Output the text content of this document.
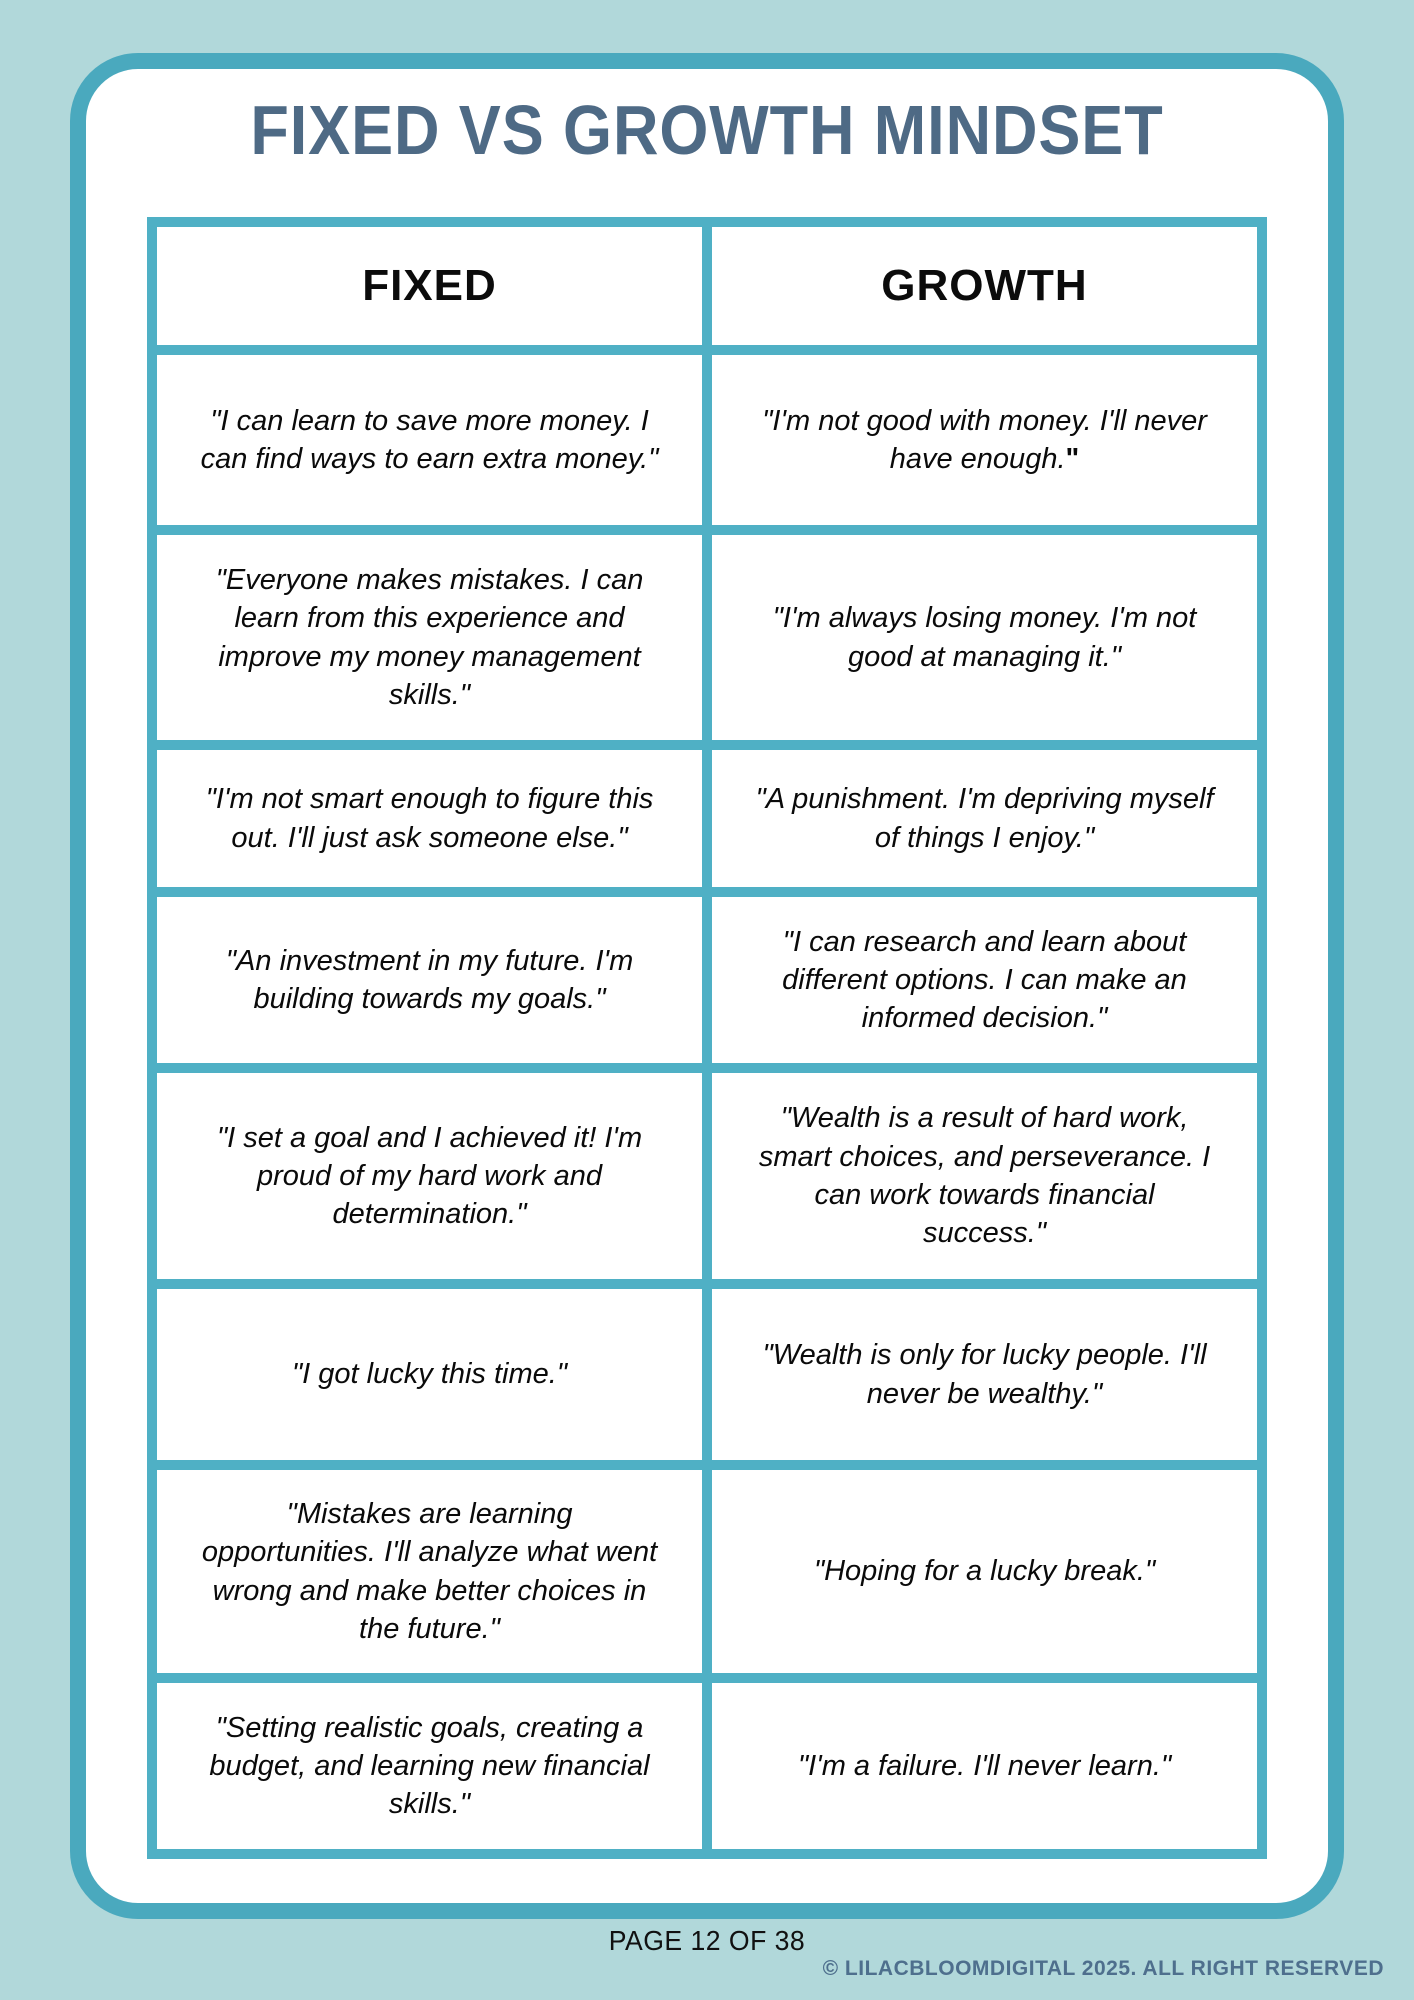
FIXED VS GROWTH MINDSET
FIXED	GROWTH
"I can learn to save more money. I can find ways to earn extra money."	"I'm not good with money. I'll never have enough."
"Everyone makes mistakes. I can learn from this experience and improve my money management skills."	"I'm always losing money. I'm not good at managing it."
"I'm not smart enough to figure this out. I'll just ask someone else."	"A punishment. I'm depriving myself of things I enjoy."
"An investment in my future. I'm building towards my goals."	"I can research and learn about different options. I can make an informed decision."
"I set a goal and I achieved it! I'm proud of my hard work and determination."	"Wealth is a result of hard work, smart choices, and perseverance. I can work towards financial success."
"I got lucky this time."	"Wealth is only for lucky people. I'll never be wealthy."
"Mistakes are learning opportunities. I'll analyze what went wrong and make better choices in the future."	"Hoping for a lucky break."
"Setting realistic goals, creating a budget, and learning new financial skills."	"I'm a failure. I'll never learn."
PAGE 12 OF 38
© LILACBLOOMDIGITAL 2025. ALL RIGHT RESERVED
